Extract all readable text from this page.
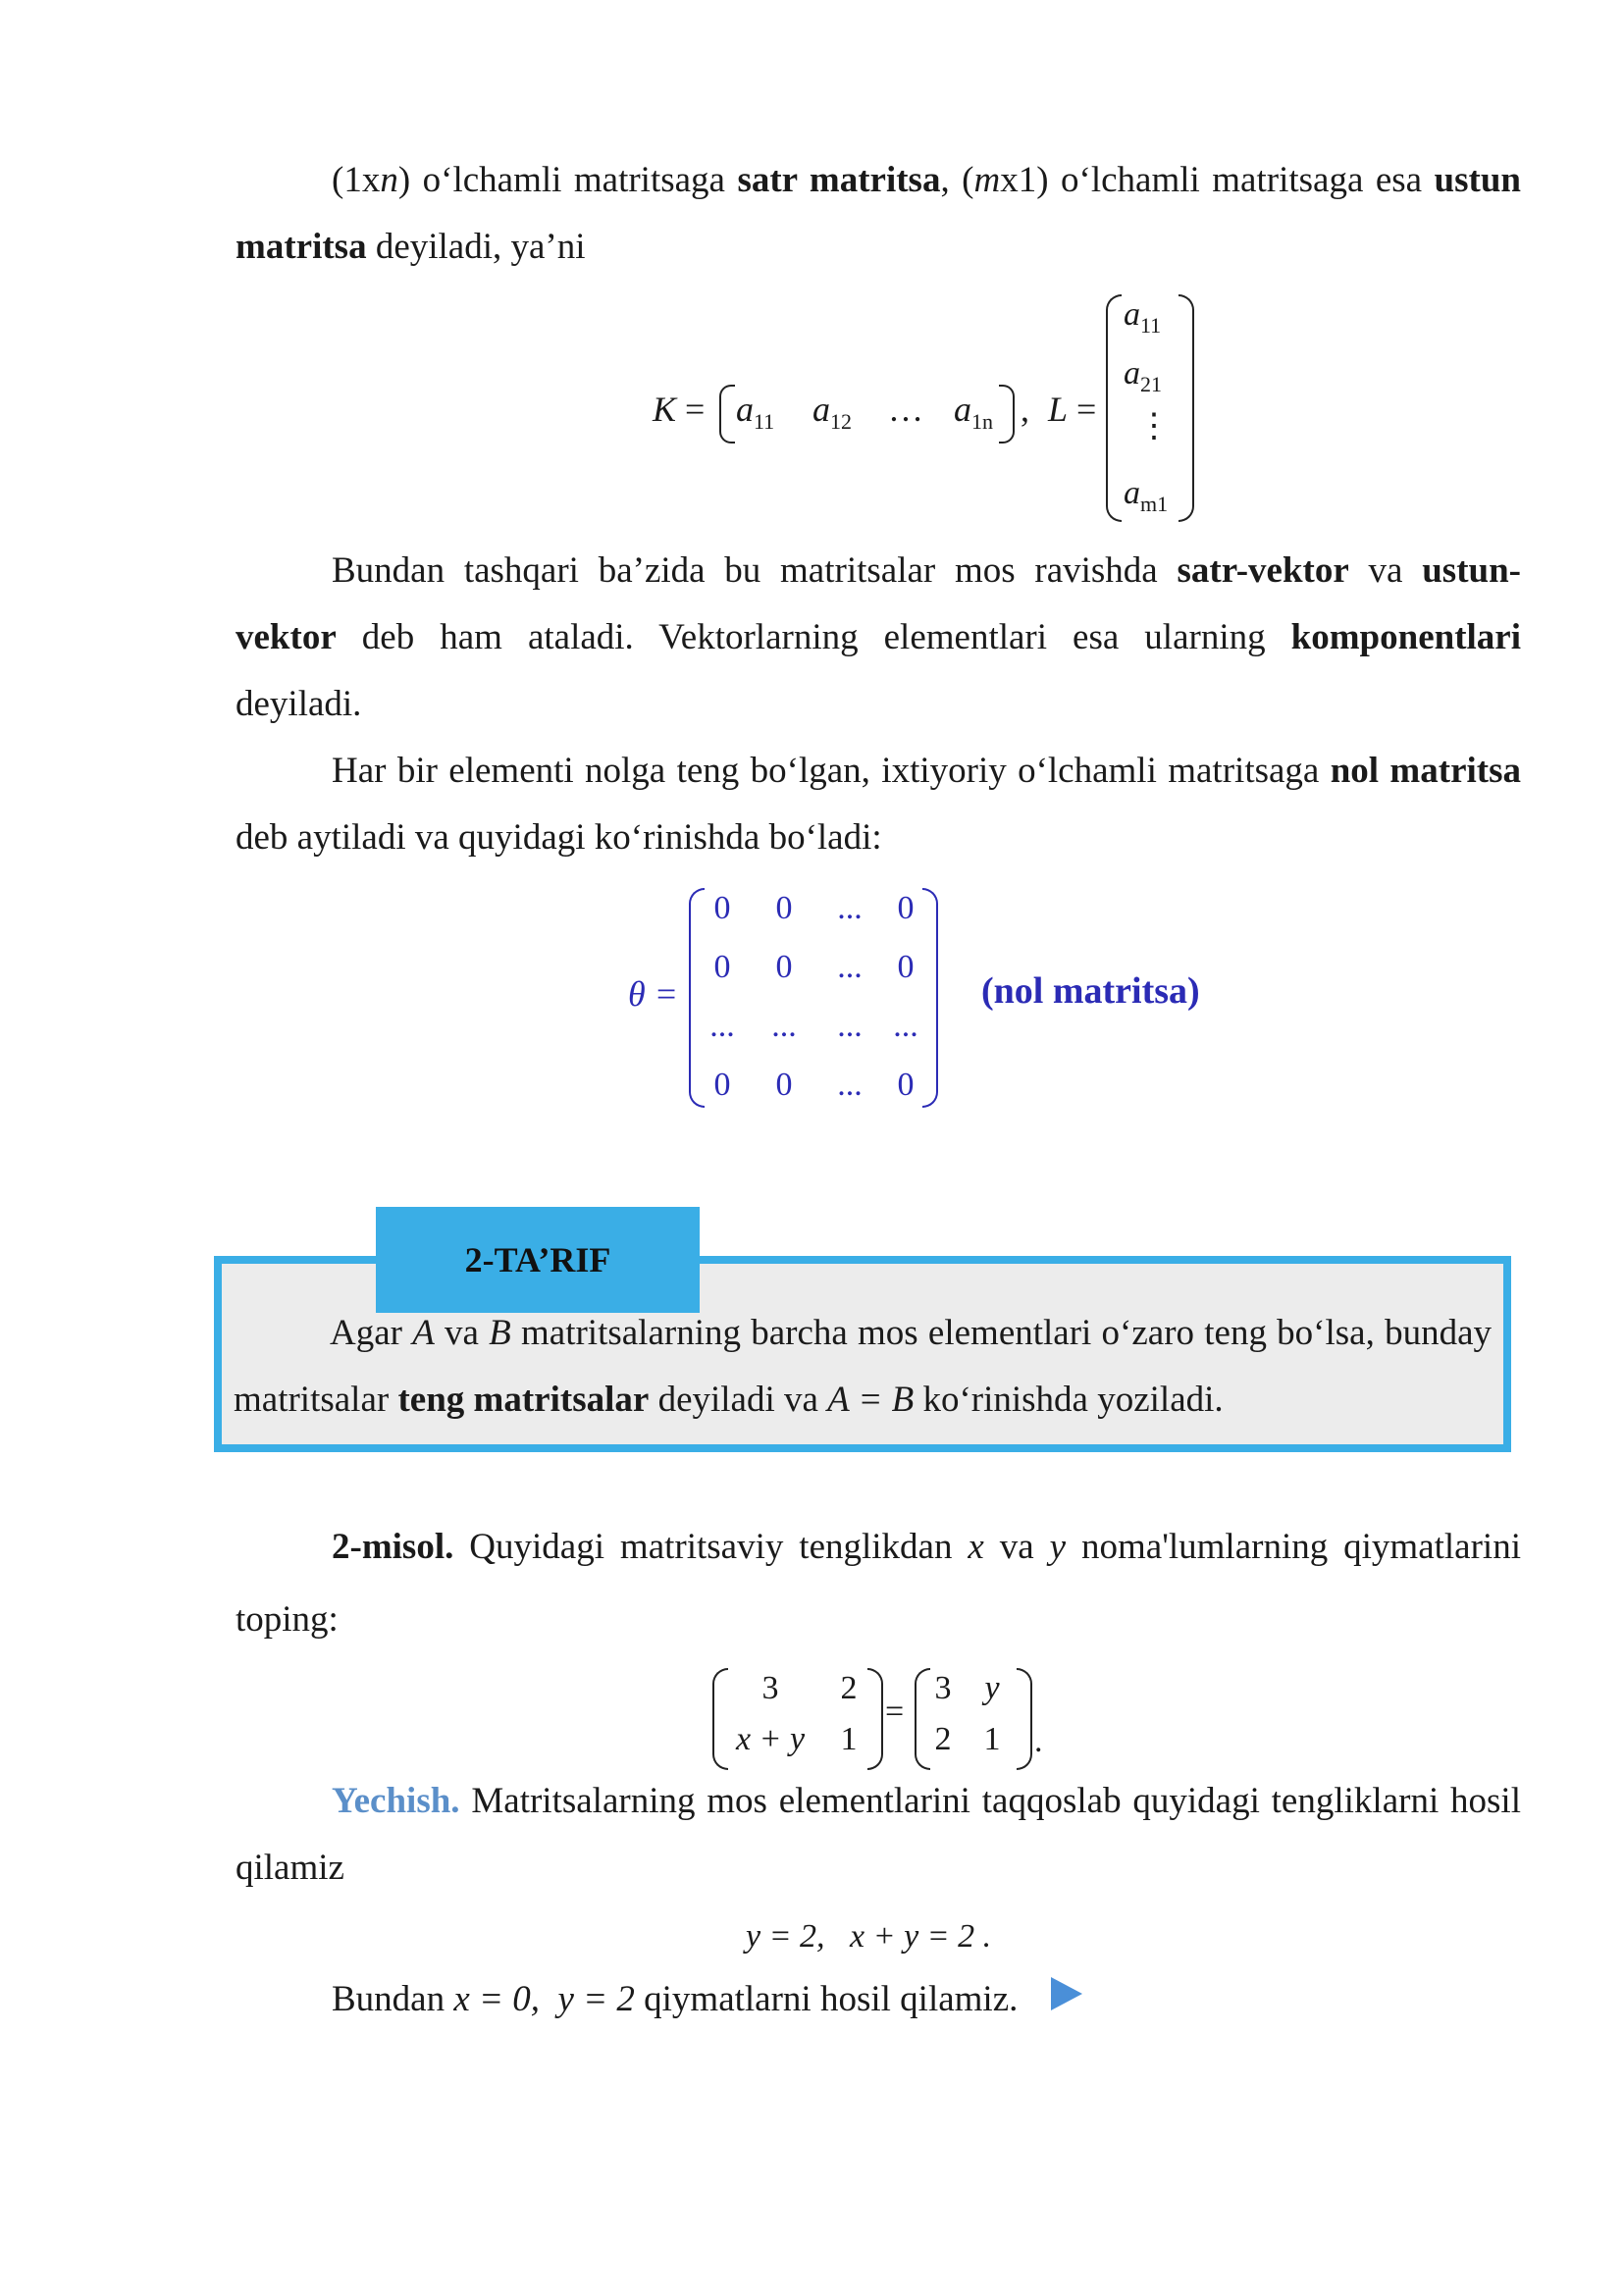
(1xn) o‘lchamli matritsaga satr matritsa, (mx1) o‘lchamli matritsaga esa ustun matritsa deyiladi, ya’ni
$K = a_{11}$ $a_{12}$ … $a_{1n}$ , L =
$a_{11}$
$a_{21}$
⋮
$a_{m1}$
Bundan tashqari ba’zida bu matritsalar mos ravishda satr-vektor va ustun-vektor deb ham ataladi. Vektorlarning elementlari esa ularning komponentlari deyiladi.
Har bir elementi nolga teng bo‘lgan, ixtiyoriy o‘lchamli matritsaga nol matritsa deb aytiladi va quyidagi ko‘rinishda bo‘ladi:
θ =
0	0	...	0
0	0	...	0
... ...	... ...
0	0	...	0
(nol matritsa)
2-TA’RIF
Agar A va B matritsalarning barcha mos elementlari o‘zaro teng bo‘lsa, bunday matritsalar teng matritsalar deyiladi va A = B ko‘rinishda yoziladi.
2-misol. Quyidagi matritsaviy tenglikdan x va y noma'lumlarning qiymatlarini toping:
3	2
x + y 1
=
3 y
2 1 .
Yechish. Matritsalarning mos elementlarini taqqoslab quyidagi tengliklarni hosil qilamiz
y = 2,   x + y = 2 .
Bundan x = 0,  y = 2 qiymatlarni hosil qilamiz.
